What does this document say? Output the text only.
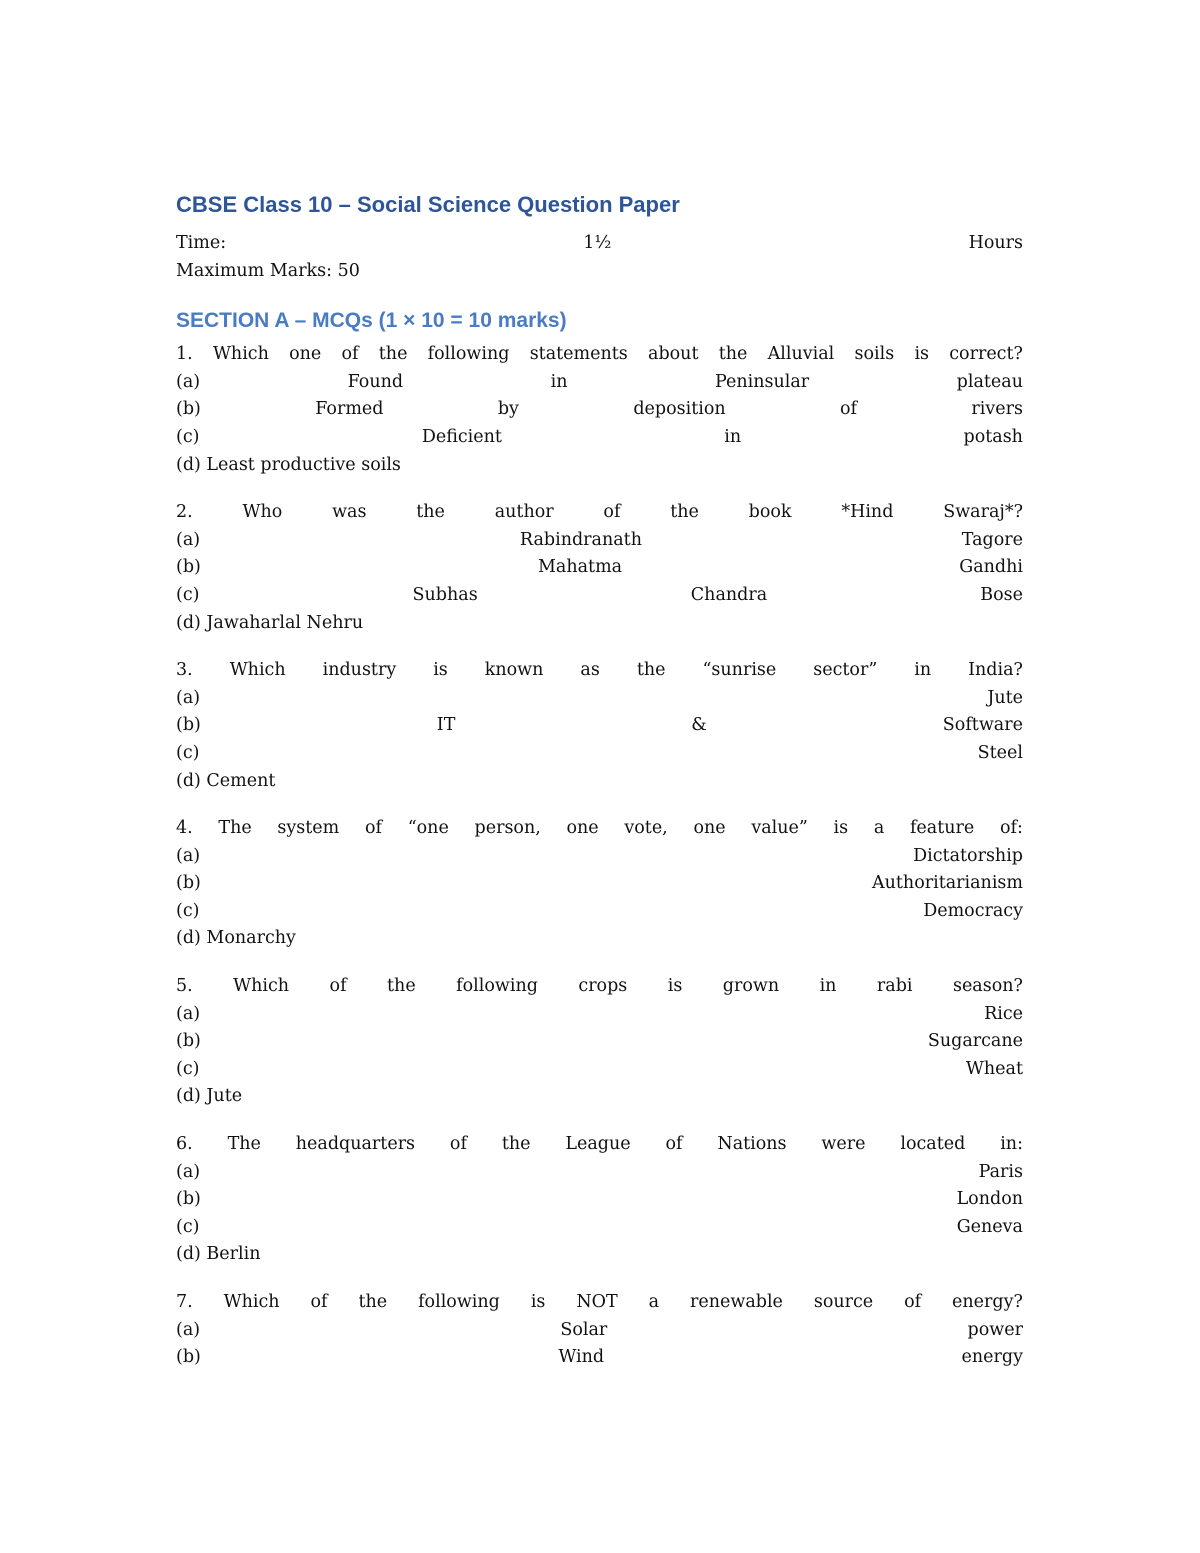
CBSE Class 10 – Social Science Question Paper
Time:	1½	Hours
Maximum Marks: 50
SECTION A – MCQs (1 × 10 = 10 marks)
1. Which one of the following statements about the Alluvial soils is correct?
(a)	Found	in	Peninsular	plateau
(b)	Formed	by	deposition	of	rivers
(c)	Deficient	in	potash
(d) Least productive soils
2.	Who	was	the	author	of	the	book	*Hind	Swaraj*?
(a)	Rabindranath	Tagore
(b)	Mahatma	Gandhi
(c)	Subhas	Chandra	Bose
(d) Jawaharlal Nehru
3. Which industry is known as the “sunrise sector” in India?
(a)	Jute
(b)	IT	&	Software
(c)	Steel
(d) Cement
4. The system of “one person, one vote, one value” is a feature of:
(a)	Dictatorship
(b)	Authoritarianism
(c)	Democracy
(d) Monarchy
5. Which of the following crops is grown in rabi season?
(a)	Rice
(b)	Sugarcane
(c)	Wheat
(d) Jute
6. The headquarters of the League of Nations were located in:
(a)	Paris
(b)	London
(c)	Geneva
(d) Berlin
7. Which of the following is NOT a renewable source of energy?
(a)	Solar	power
(b)	Wind	energy
